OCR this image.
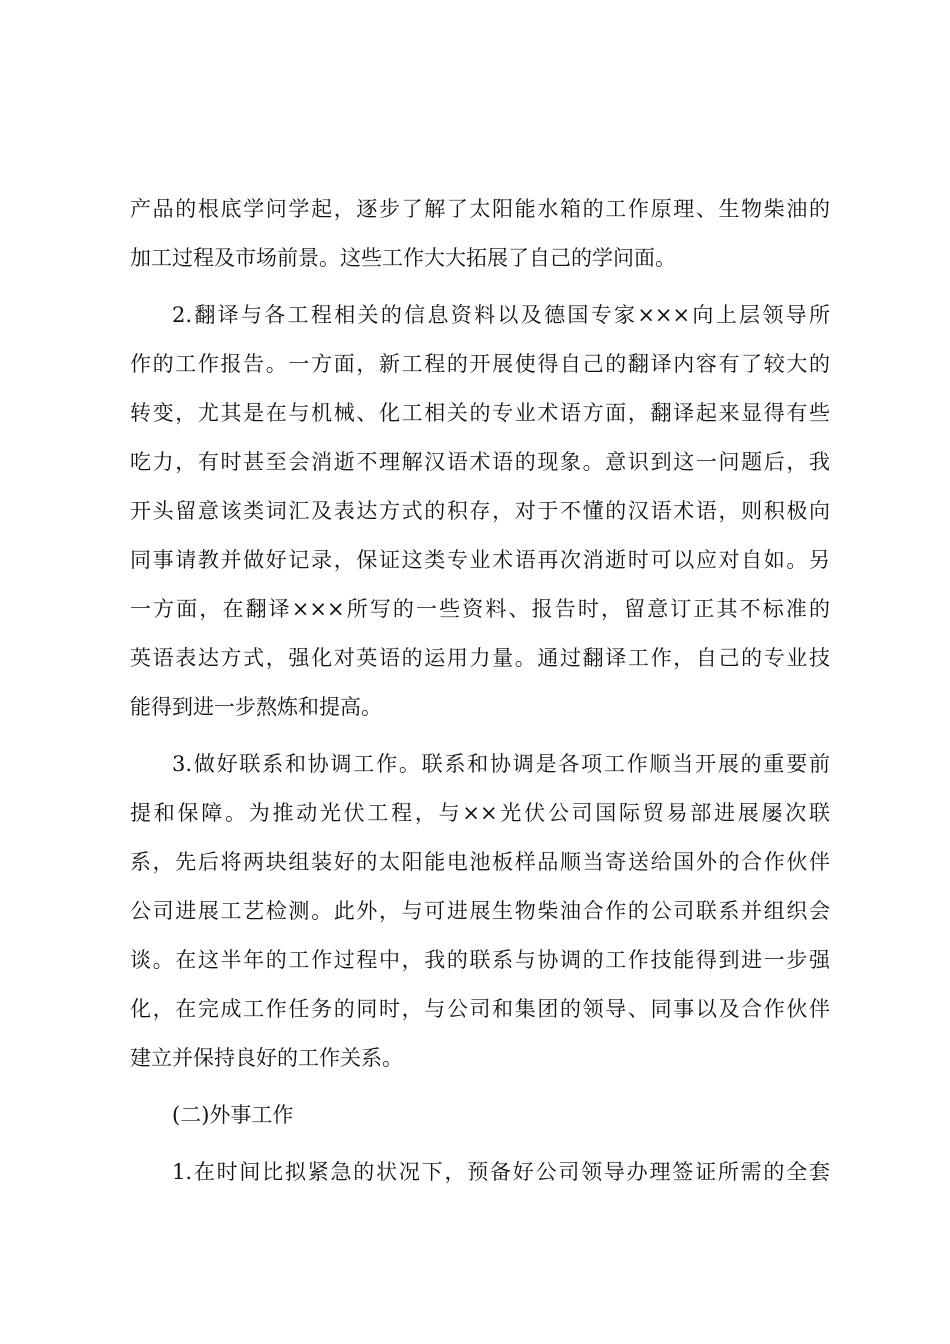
产品的根底学问学起，逐步了解了太阳能水箱的工作原理、生物柴油的
加工过程及市场前景。这些工作大大拓展了自己的学问面。
2.翻译与各工程相关的信息资料以及德国专家×××向上层领导所
作的工作报告。一方面，新工程的开展使得自己的翻译内容有了较大的
转变，尤其是在与机械、化工相关的专业术语方面，翻译起来显得有些
吃力，有时甚至会消逝不理解汉语术语的现象。意识到这一问题后，我
开头留意该类词汇及表达方式的积存，对于不懂的汉语术语，则积极向
同事请教并做好记录，保证这类专业术语再次消逝时可以应对自如。另
一方面，在翻译×××所写的一些资料、报告时，留意订正其不标准的
英语表达方式，强化对英语的运用力量。通过翻译工作，自己的专业技
能得到进一步熬炼和提高。
3.做好联系和协调工作。联系和协调是各项工作顺当开展的重要前
提和保障。为推动光伏工程，与××光伏公司国际贸易部进展屡次联
系，先后将两块组装好的太阳能电池板样品顺当寄送给国外的合作伙伴
公司进展工艺检测。此外，与可进展生物柴油合作的公司联系并组织会
谈。在这半年的工作过程中，我的联系与协调的工作技能得到进一步强
化，在完成工作任务的同时，与公司和集团的领导、同事以及合作伙伴
建立并保持良好的工作关系。
(二)外事工作
1.在时间比拟紧急的状况下，预备好公司领导办理签证所需的全套
